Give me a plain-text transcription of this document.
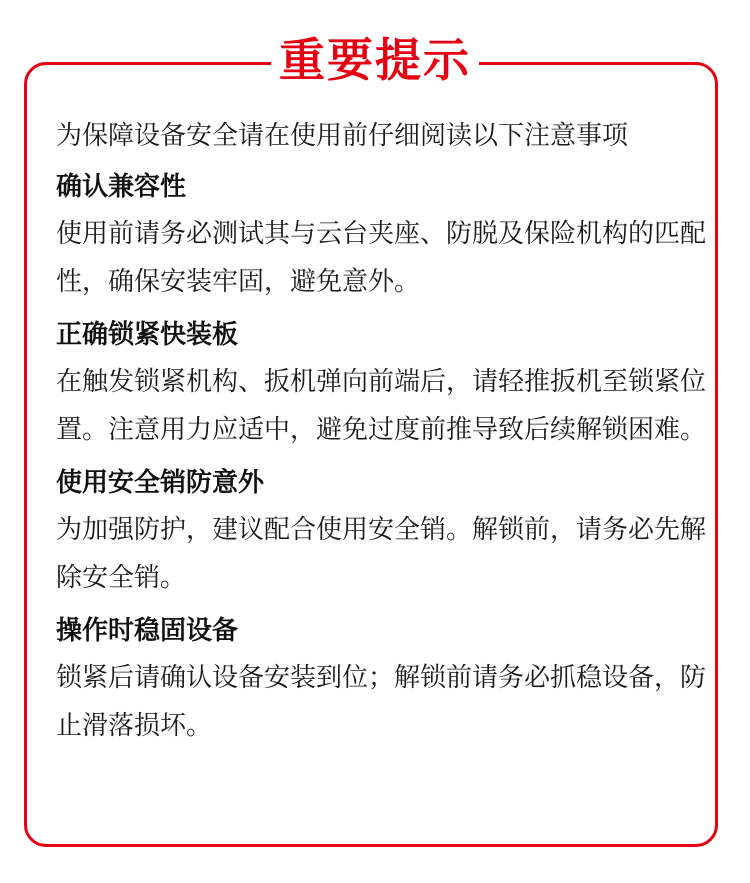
重要提示
为保障设备安全请在使用前仔细阅读以下注意事项
确认兼容性
使用前请务必测试其与云台夹座、防脱及保险机构的匹配性，确保安装牢固，避免意外。
正确锁紧快装板
在触发锁紧机构、扳机弹向前端后，请轻推扳机至锁紧位置。注意用力应适中，避免过度前推导致后续解锁困难。
使用安全销防意外
为加强防护，建议配合使用安全销。解锁前，请务必先解除安全销。
操作时稳固设备
锁紧后请确认设备安装到位；解锁前请务必抓稳设备，防止滑落损坏。
